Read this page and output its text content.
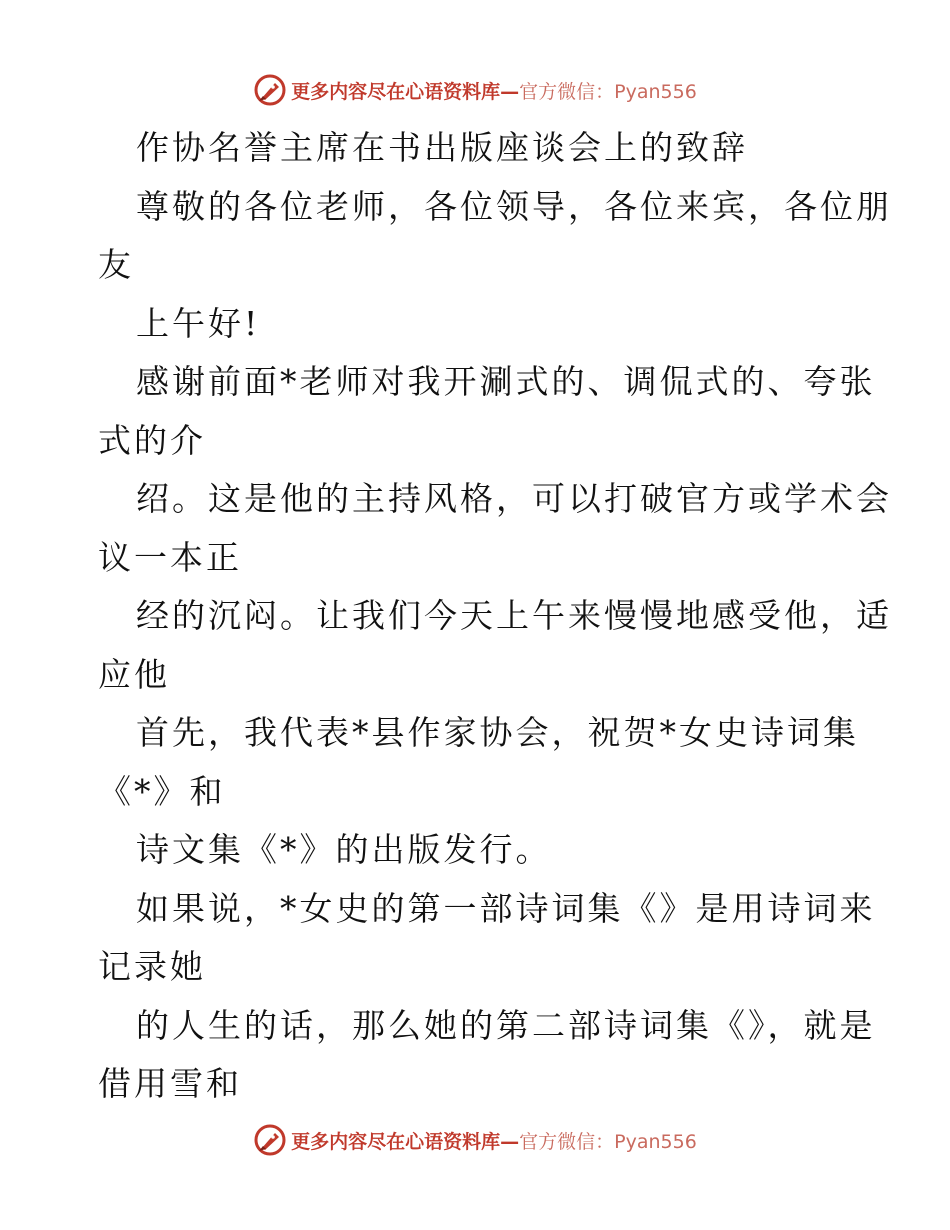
更多内容尽在心语资料库— 官方微信：Pyan556
作协名誉主席在书出版座谈会上的致辞
尊敬的各位老师，各位领导，各位来宾，各位朋
友
上午好!
感谢前面*老师对我开涮式的、调侃式的、夸张
式的介
绍。这是他的主持风格，可以打破官方或学术会
议一本正
经的沉闷。让我们今天上午来慢慢地感受他，适
应他
首先，我代表*县作家协会，祝贺*女史诗词集
《*》和
诗文集《*》的出版发行。
如果说，*女史的第一部诗词集《》是用诗词来
记录她
的人生的话，那么她的第二部诗词集《》，就是
借用雪和
更多内容尽在心语资料库— 官方微信：Pyan556
